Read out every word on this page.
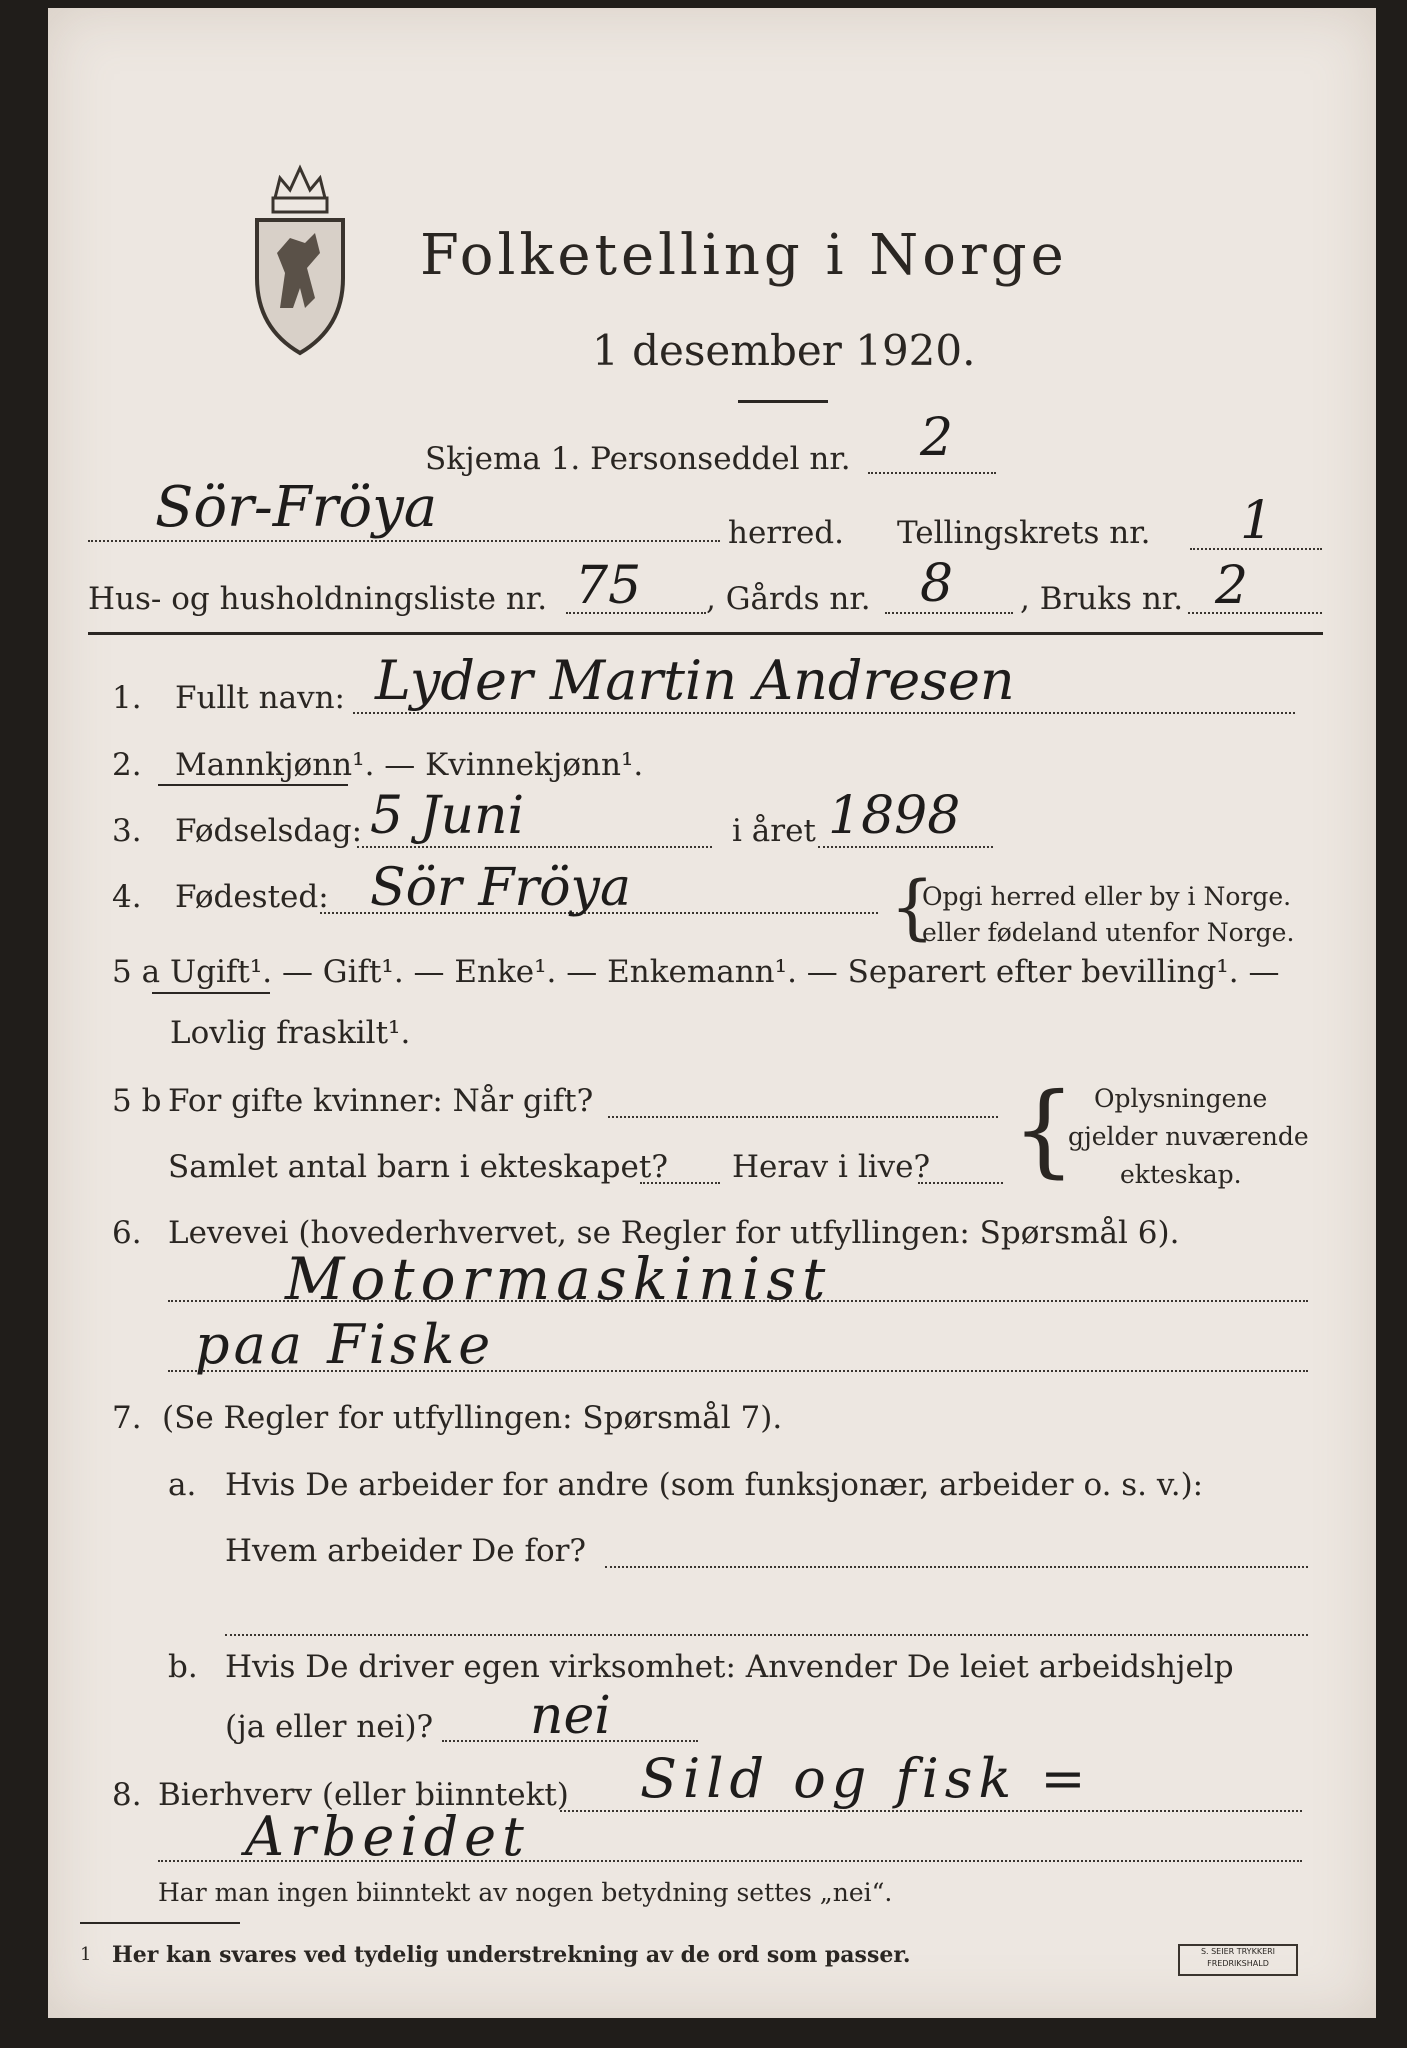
Folketelling i Norge
1 desember 1920.
Skjema 1. Personseddel nr. 2
Sör-Fröya	herred. Tellingskrets nr. 1
Hus- og husholdningsliste nr. 75 , Gårds nr. 8 , Bruks nr. 2
1. Fullt navn: Lyder Martin Andresen
2. Mannkjønn¹. — Kvinnekjønn¹.
3. Fødselsdag: 5 Juni	i året 1898
4. Fødested: Sör Fröya	{
Opgi herred eller by i Norge.
eller fødeland utenfor Norge.
5 a Ugift¹. — Gift¹. — Enke¹. — Enkemann¹. — Separert efter bevilling¹. —
Lovlig fraskilt¹.
5 b For gifte kvinner: Når gift?
Samlet antal barn i ekteskapet? Herav i live? { Oplysningene
gjelder nuværende
ekteskap.
6. Levevei (hovederhvervet, se Regler for utfyllingen: Spørsmål 6).
Motormaskinist
paa Fiske
7. (Se Regler for utfyllingen: Spørsmål 7).
a. Hvis De arbeider for andre (som funksjonær, arbeider o. s. v.):
Hvem arbeider De for?
b. Hvis De driver egen virksomhet: Anvender De leiet arbeidshjelp
(ja eller nei)? nei
8. Bierhverv (eller biinntekt) Sild og fisk =
Arbeidet
Har man ingen biinntekt av nogen betydning settes „nei“.
1 Her kan svares ved tydelig understrekning av de ord som passer.	S. SEIER TRYKKERI
FREDRIKSHALD
